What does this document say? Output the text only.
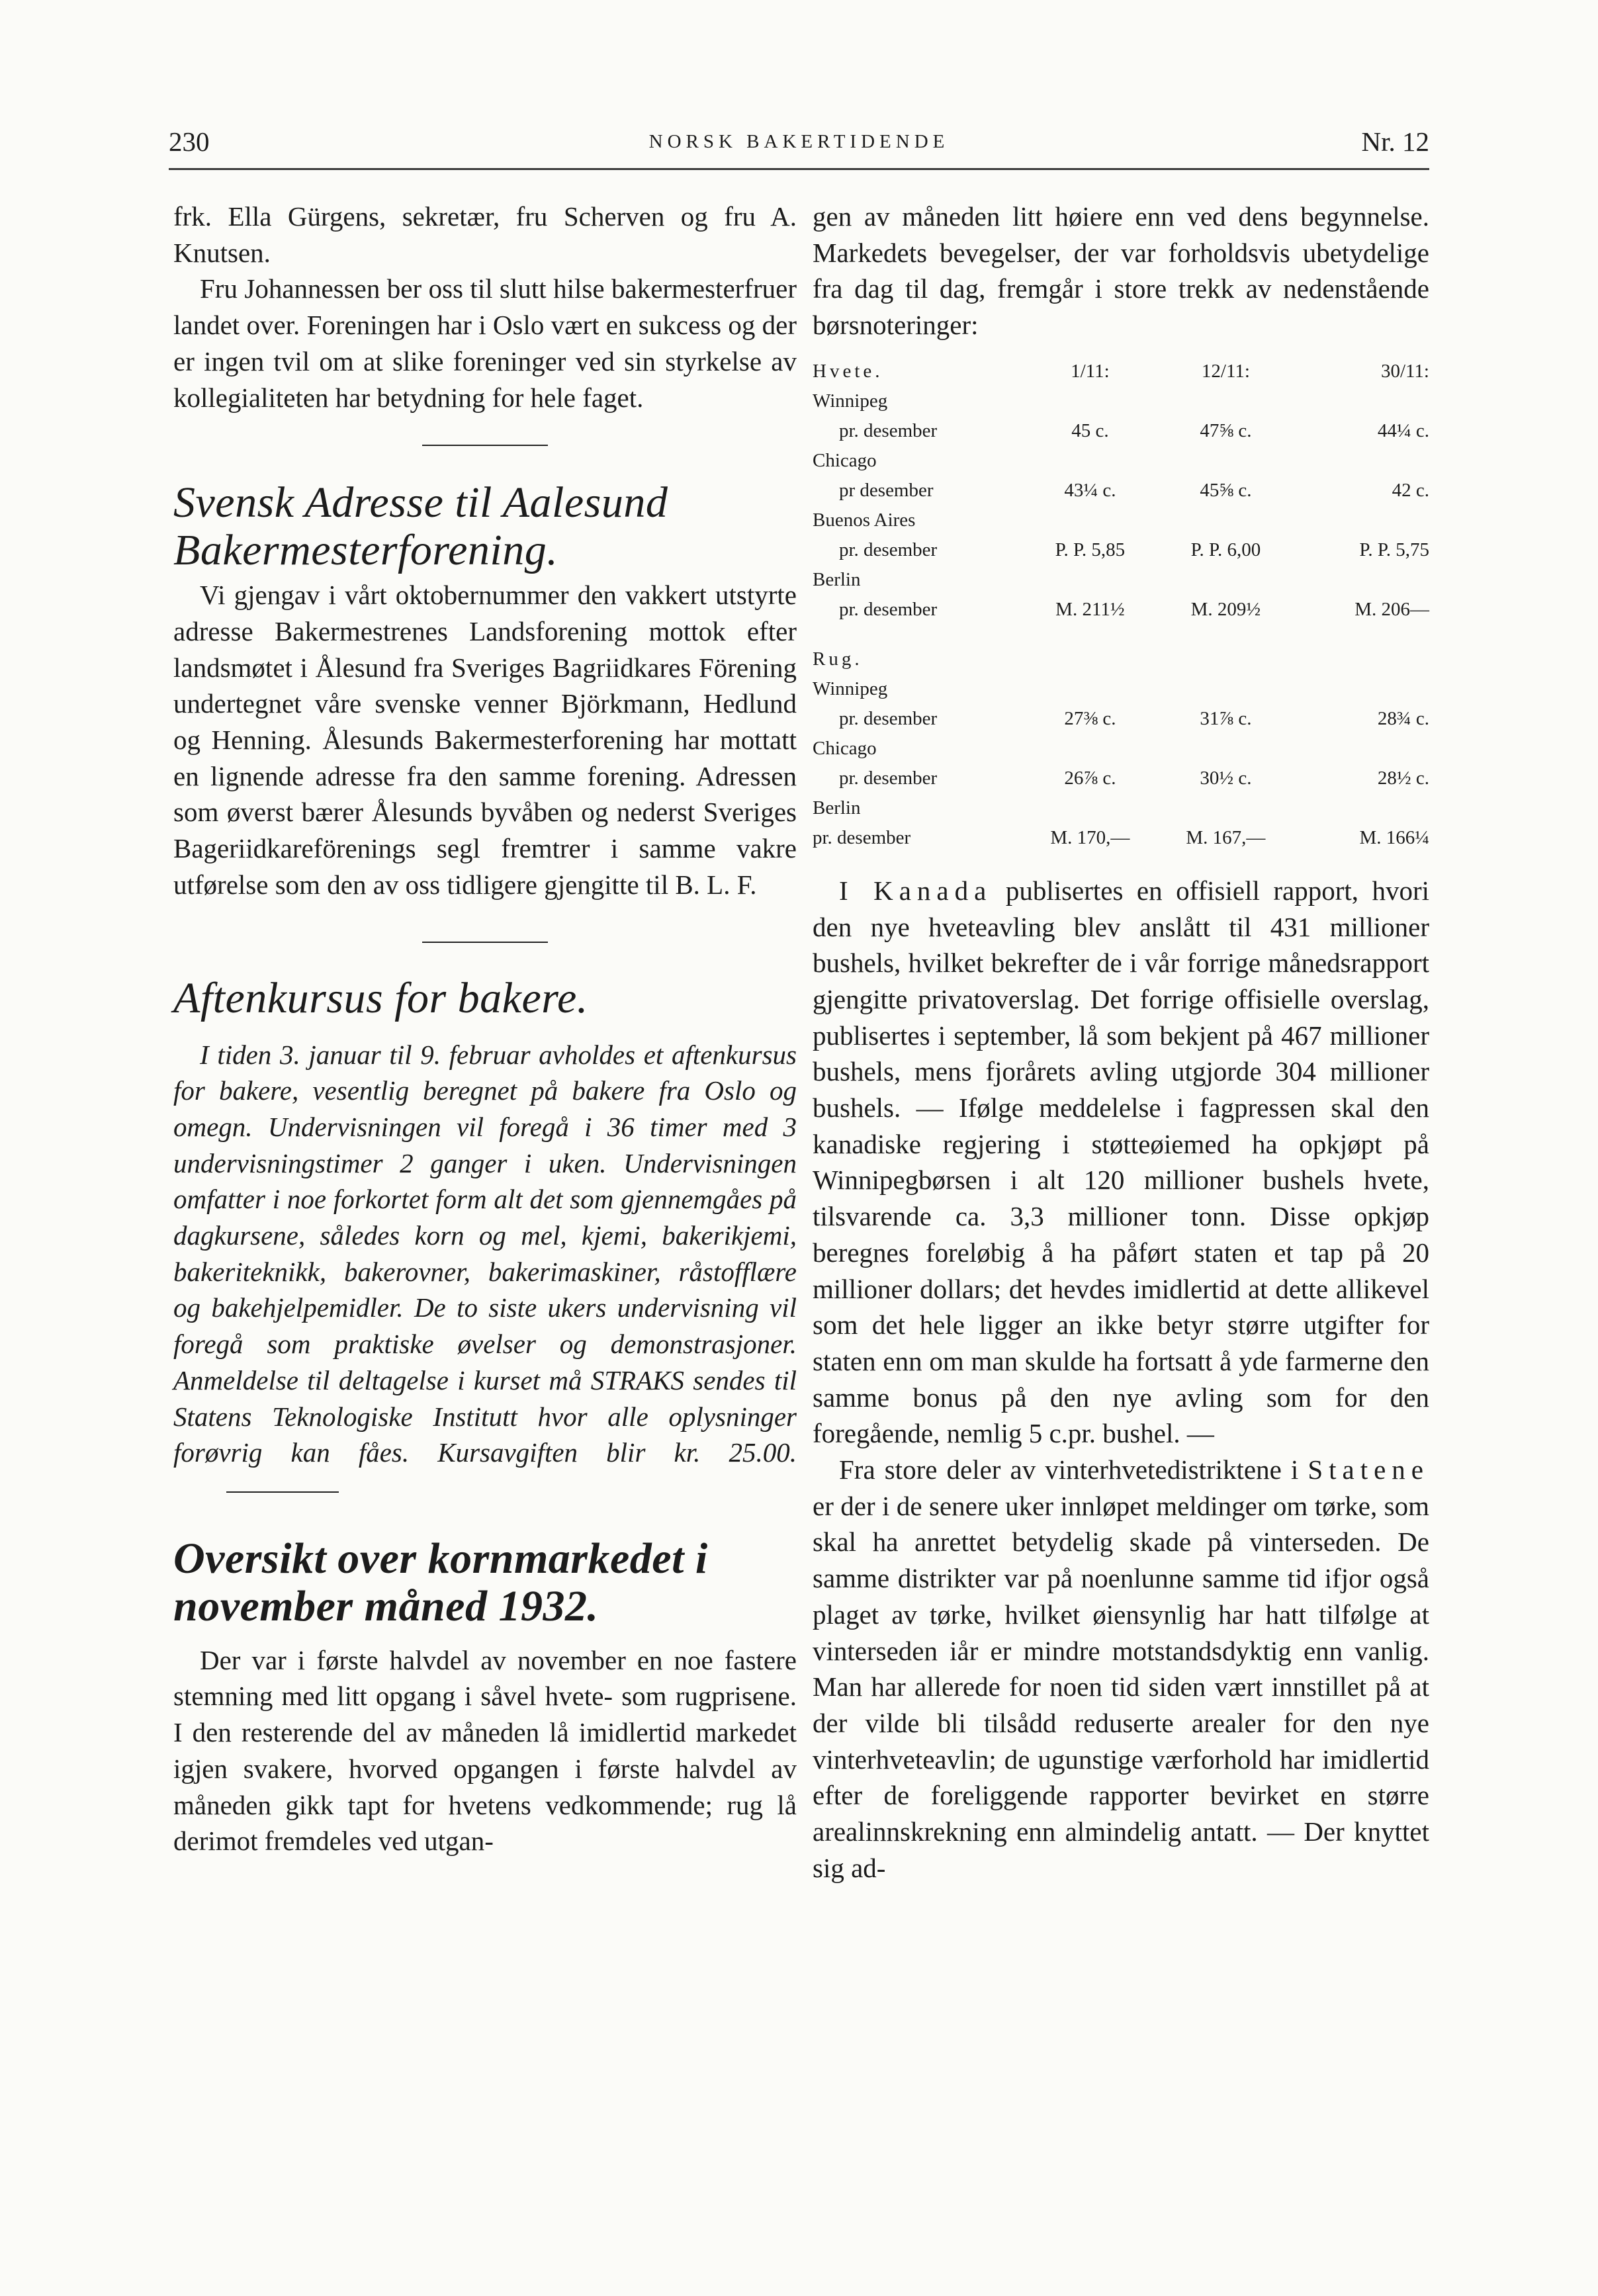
230	NORSK BAKERTIDENDE	Nr. 12

frk. Ella Gürgens, sekretær, fru Scherven og fru A. Knutsen.

Fru Johannessen ber oss til slutt hilse bakermesterfruer landet over. Foreningen har i Oslo vært en sukcess og der er ingen tvil om at slike foreninger ved sin styrkelse av kollegialiteten har betydning for hele faget.

Svensk Adresse til Aalesund Bakermesterforening.

Vi gjengav i vårt oktobernummer den vakkert utstyrte adresse Bakermestrenes Landsforening mottok efter landsmøtet i Ålesund fra Sveriges Bagriidkares Förening undertegnet våre svenske venner Björkmann, Hedlund og Henning. Ålesunds Bakermesterforening har mottatt en lignende adresse fra den samme forening. Adressen som øverst bærer Ålesunds byvåben og nederst Sveriges Bageriidkareförenings segl fremtrer i samme vakre utførelse som den av oss tidligere gjengitte til B. L. F.

Aftenkursus for bakere.

I tiden 3. januar til 9. februar avholdes et aftenkursus for bakere, vesentlig beregnet på bakere fra Oslo og omegn. Undervisningen vil foregå i 36 timer med 3 undervisningstimer 2 ganger i uken. Undervisningen omfatter i noe forkortet form alt det som gjennemgåes på dagkursene, således korn og mel, kjemi, bakerikjemi, bakeriteknikk, bakerovner, bakerimaskiner, råstofflære og bakehjelpemidler. De to siste ukers undervisning vil foregå som praktiske øvelser og demonstrasjoner. Anmeldelse til deltagelse i kurset må STRAKS sendes til Statens Teknologiske Institutt hvor alle oplysninger forøvrig kan fåes. Kursavgiften blir kr. 25.00.

Oversikt over kornmarkedet i november måned 1932.

Der var i første halvdel av november en noe fastere stemning med litt opgang i såvel hvete- som rugprisene. I den resterende del av måneden lå imidlertid markedet igjen svakere, hvorved opgangen i første halvdel av måneden gikk tapt for hvetens vedkommende; rug lå derimot fremdeles ved utgan-

gen av måneden litt høiere enn ved dens begynnelse. Markedets bevegelser, der var forholdsvis ubetydelige fra dag til dag, fremgår i store trekk av nedenstående børsnoteringer:

Hvete.	1/11:	12/11:	30/11:
Winnipeg			
pr. desember	45 c.	47⅝ c.	44¼ c.
Chicago			
pr desember	43¼ c.	45⅝ c.	42 c.
Buenos Aires			
pr. desember	P. P. 5,85	P. P. 6,00	P. P. 5,75
Berlin			
pr. desember	M. 211½	M. 209½	M. 206—

Rug.			
Winnipeg			
pr. desember	27⅜ c.	31⅞ c.	28¾ c.
Chicago			
pr. desember	26⅞ c.	30½ c.	28½ c.
Berlin			
pr. desember	M. 170,—	M. 167,—	M. 166¼

I Kanada publisertes en offisiell rapport, hvori den nye hveteavling blev anslått til 431 millioner bushels, hvilket bekrefter de i vår forrige månedsrapport gjengitte privatoverslag. Det forrige offisielle overslag, publisertes i september, lå som bekjent på 467 millioner bushels, mens fjorårets avling utgjorde 304 millioner bushels. — Ifølge meddelelse i fagpressen skal den kanadiske regjering i støtteøiemed ha opkjøpt på Winnipegbørsen i alt 120 millioner bushels hvete, tilsvarende ca. 3,3 millioner tonn. Disse opkjøp beregnes foreløbig å ha påført staten et tap på 20 millioner dollars; det hevdes imidlertid at dette allikevel som det hele ligger an ikke betyr større utgifter for staten enn om man skulde ha fortsatt å yde farmerne den samme bonus på den nye avling som for den foregående, nemlig 5 c.pr. bushel. —

Fra store deler av vinterhvetedistriktene i Statene er der i de senere uker innløpet meldinger om tørke, som skal ha anrettet betydelig skade på vinterseden. De samme distrikter var på noenlunne samme tid ifjor også plaget av tørke, hvilket øiensynlig har hatt tilfølge at vinterseden iår er mindre motstandsdyktig enn vanlig. Man har allerede for noen tid siden vært innstillet på at der vilde bli tilsådd reduserte arealer for den nye vinterhveteavlin; de ugunstige værforhold har imidlertid efter de foreliggende rapporter bevirket en større arealinnskrekning enn almindelig antatt. — Der knyttet sig ad-
